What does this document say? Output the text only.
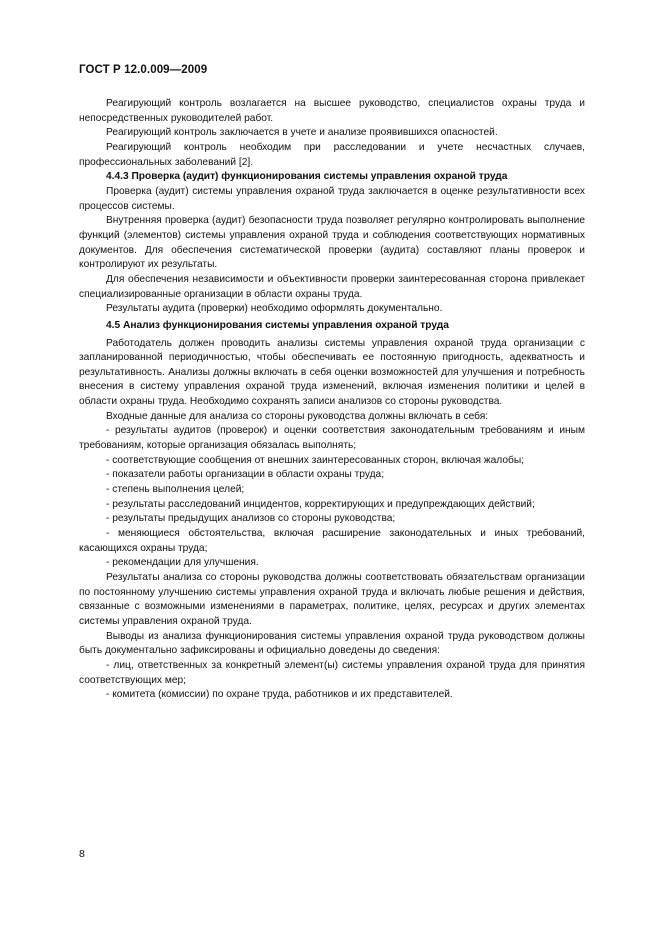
ГОСТ Р 12.0.009—2009

Реагирующий контроль возлагается на высшее руководство, специалистов охраны труда и непосредственных руководителей работ.

Реагирующий контроль заключается в учете и анализе проявившихся опасностей.

Реагирующий контроль необходим при расследовании и учете несчастных случаев, профессиональных заболеваний [2].

4.4.3 Проверка (аудит) функционирования системы управления охраной труда

Проверка (аудит) системы управления охраной труда заключается в оценке результативности всех процессов системы.

Внутренняя проверка (аудит) безопасности труда позволяет регулярно контролировать выполнение функций (элементов) системы управления охраной труда и соблюдения соответствующих нормативных документов. Для обеспечения систематической проверки (аудита) составляют планы проверок и контролируют их результаты.

Для обеспечения независимости и объективности проверки заинтересованная сторона привлекает специализированные организации в области охраны труда.

Результаты аудита (проверки) необходимо оформлять документально.

4.5 Анализ функционирования системы управления охраной труда

Работодатель должен проводить анализы системы управления охраной труда организации с запланированной периодичностью, чтобы обеспечивать ее постоянную пригодность, адекватность и результативность. Анализы должны включать в себя оценки возможностей для улучшения и потребность внесения в систему управления охраной труда изменений, включая изменения политики и целей в области охраны труда. Необходимо сохранять записи анализов со стороны руководства.

Входные данные для анализа со стороны руководства должны включать в себя:

- результаты аудитов (проверок) и оценки соответствия законодательным требованиям и иным требованиям, которые организация обязалась выполнять;

- соответствующие сообщения от внешних заинтересованных сторон, включая жалобы;

- показатели работы организации в области охраны труда;

- степень выполнения целей;

- результаты расследований инцидентов, корректирующих и предупреждающих действий;

- результаты предыдущих анализов со стороны руководства;

- меняющиеся обстоятельства, включая расширение законодательных и иных требований, касающихся охраны труда;

- рекомендации для улучшения.

Результаты анализа со стороны руководства должны соответствовать обязательствам организации по постоянному улучшению системы управления охраной труда и включать любые решения и действия, связанные с возможными изменениями в параметрах, политике, целях, ресурсах и других элементах системы управления охраной труда.

Выводы из анализа функционирования системы управления охраной труда руководством должны быть документально зафиксированы и официально доведены до сведения:

- лиц, ответственных за конкретный элемент(ы) системы управления охраной труда для принятия соответствующих мер;

- комитета (комиссии) по охране труда, работников и их представителей.

8
